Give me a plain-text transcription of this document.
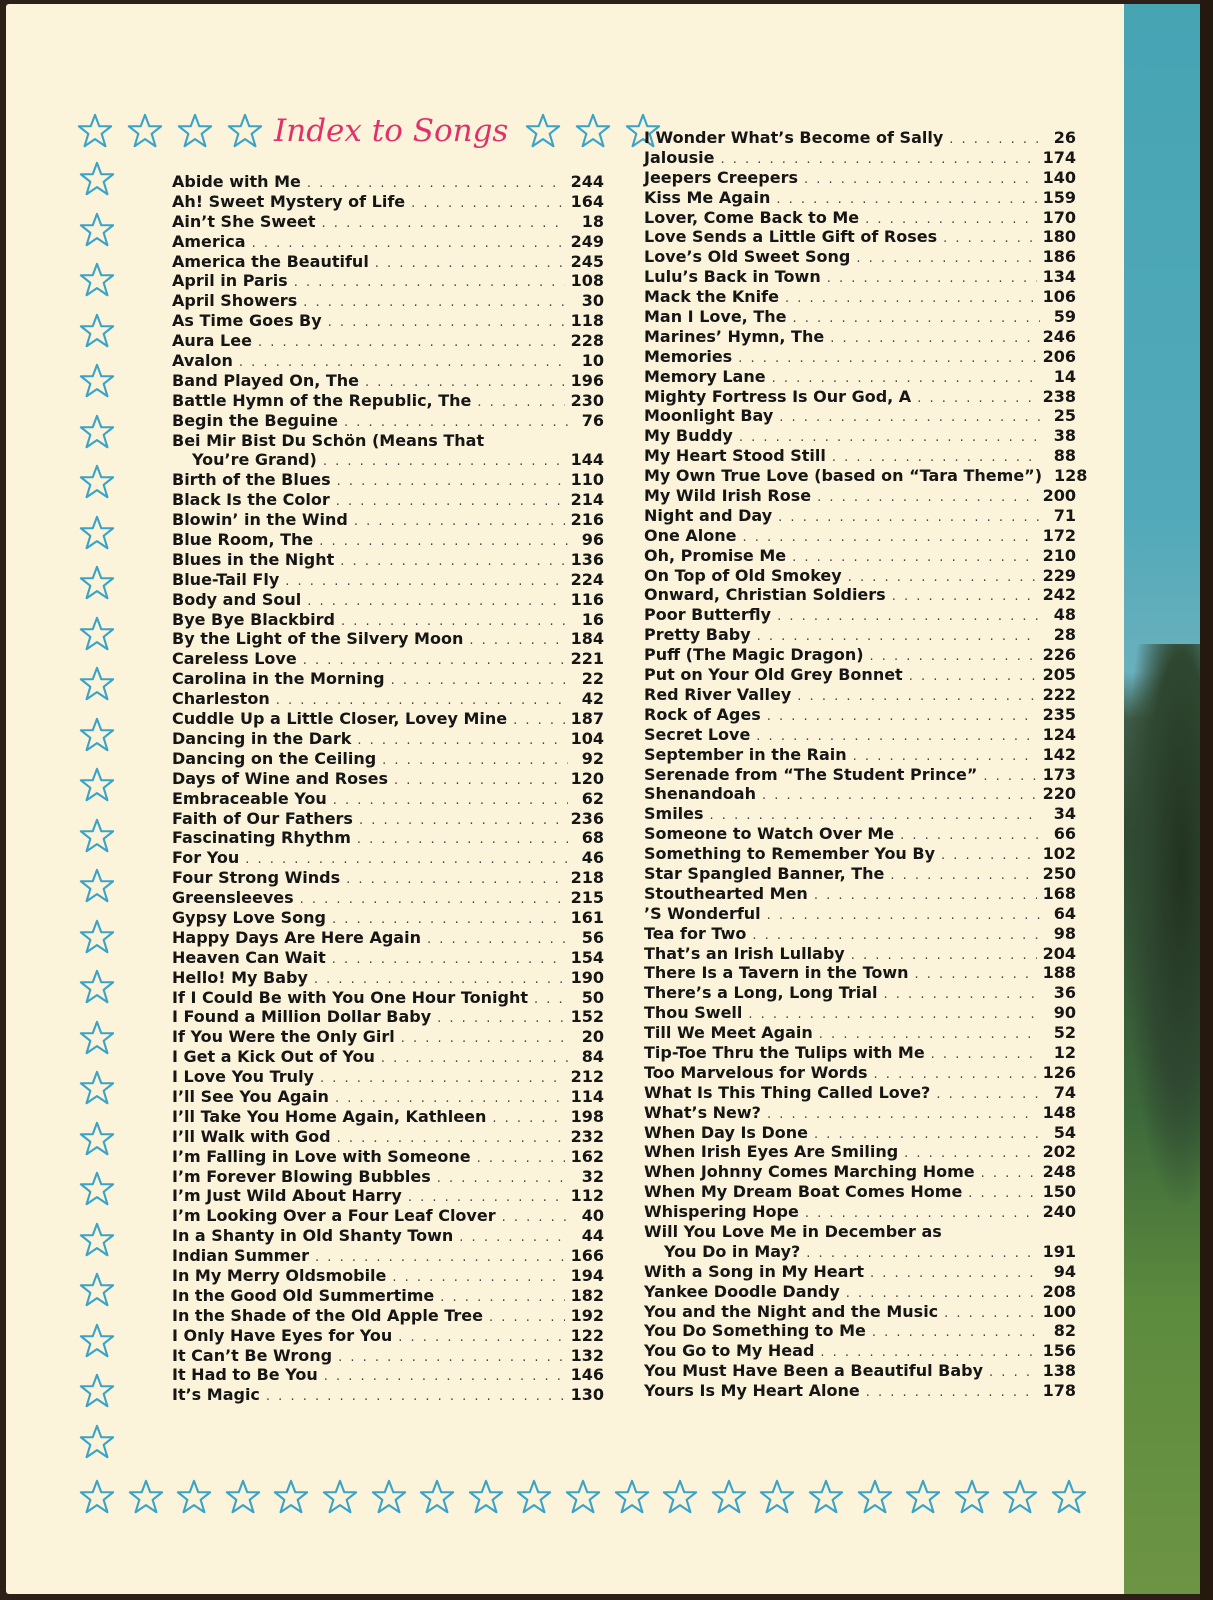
Index to Songs
Abide with Me . . .	244
Ah! Sweet Mystery of Life . . .	164
Ain’t She Sweet . . .	18
America . . .	249
America the Beautiful . . .	245
April in Paris . . .	108
April Showers . . .	30
As Time Goes By . . .	118
Aura Lee . . .	228
Avalon . . .	10
Band Played On, The . . .	196
Battle Hymn of the Republic, The . . .	230
Begin the Beguine . . .	76
Bei Mir Bist Du Schön (Means That
You’re Grand) . . .	144
Birth of the Blues . . .	110
Black Is the Color . . .	214
Blowin’ in the Wind . . .	216
Blue Room, The . . .	96
Blues in the Night . . .	136
Blue-Tail Fly . . .	224
Body and Soul . . .	116
Bye Bye Blackbird . . .	16
By the Light of the Silvery Moon . . .	184
Careless Love . . .	221
Carolina in the Morning . . .	22
Charleston . . .	42
Cuddle Up a Little Closer, Lovey Mine . . .	187
Dancing in the Dark . . .	104
Dancing on the Ceiling . . .	92
Days of Wine and Roses . . .	120
Embraceable You . . .	62
Faith of Our Fathers . . .	236
Fascinating Rhythm . . .	68
For You . . .	46
Four Strong Winds . . .	218
Greensleeves . . .	215
Gypsy Love Song . . .	161
Happy Days Are Here Again . . .	56
Heaven Can Wait . . .	154
Hello! My Baby . . .	190
If I Could Be with You One Hour Tonight . . .	50
I Found a Million Dollar Baby . . .	152
If You Were the Only Girl . . .	20
I Get a Kick Out of You . . .	84
I Love You Truly . . .	212
I’ll See You Again . . .	114
I’ll Take You Home Again, Kathleen . . .	198
I’ll Walk with God . . .	232
I’m Falling in Love with Someone . . .	162
I’m Forever Blowing Bubbles . . .	32
I’m Just Wild About Harry . . .	112
I’m Looking Over a Four Leaf Clover . . .	40
In a Shanty in Old Shanty Town . . .	44
Indian Summer . . .	166
In My Merry Oldsmobile . . .	194
In the Good Old Summertime . . .	182
In the Shade of the Old Apple Tree . . .	192
I Only Have Eyes for You . . .	122
It Can’t Be Wrong . . .	132
It Had to Be You . . .	146
It’s Magic . . .	130
I Wonder What’s Become of Sally . . .	26
Jalousie . . .	174
Jeepers Creepers . . .	140
Kiss Me Again . . .	159
Lover, Come Back to Me . . .	170
Love Sends a Little Gift of Roses . . .	180
Love’s Old Sweet Song . . .	186
Lulu’s Back in Town . . .	134
Mack the Knife . . .	106
Man I Love, The . . .	59
Marines’ Hymn, The . . .	246
Memories . . .	206
Memory Lane . . .	14
Mighty Fortress Is Our God, A . . .	238
Moonlight Bay . . .	25
My Buddy . . .	38
My Heart Stood Still . . .	88
My Own True Love (based on “Tara Theme”) 128
My Wild Irish Rose . . .	200
Night and Day . . .	71
One Alone . . .	172
Oh, Promise Me . . .	210
On Top of Old Smokey . . .	229
Onward, Christian Soldiers . . .	242
Poor Butterfly . . .	48
Pretty Baby . . .	28
Puff (The Magic Dragon) . . .	226
Put on Your Old Grey Bonnet . . .	205
Red River Valley . . .	222
Rock of Ages . . .	235
Secret Love . . .	124
September in the Rain . . .	142
Serenade from “The Student Prince” . . .	173
Shenandoah . . .	220
Smiles . . .	34
Someone to Watch Over Me . . .	66
Something to Remember You By . . .	102
Star Spangled Banner, The . . .	250
Stouthearted Men . . .	168
’S Wonderful . . .	64
Tea for Two . . .	98
That’s an Irish Lullaby . . .	204
There Is a Tavern in the Town . . .	188
There’s a Long, Long Trial . . .	36
Thou Swell . . .	90
Till We Meet Again . . .	52
Tip-Toe Thru the Tulips with Me . . .	12
Too Marvelous for Words . . .	126
What Is This Thing Called Love? . . .	74
What’s New? . . .	148
When Day Is Done . . .	54
When Irish Eyes Are Smiling . . .	202
When Johnny Comes Marching Home . . .	248
When My Dream Boat Comes Home . . .	150
Whispering Hope . . .	240
Will You Love Me in December as
You Do in May? . . .	191
With a Song in My Heart . . .	94
Yankee Doodle Dandy . . .	208
You and the Night and the Music . . .	100
You Do Something to Me . . .	82
You Go to My Head . . .	156
You Must Have Been a Beautiful Baby . . .	138
Yours Is My Heart Alone . . .	178
